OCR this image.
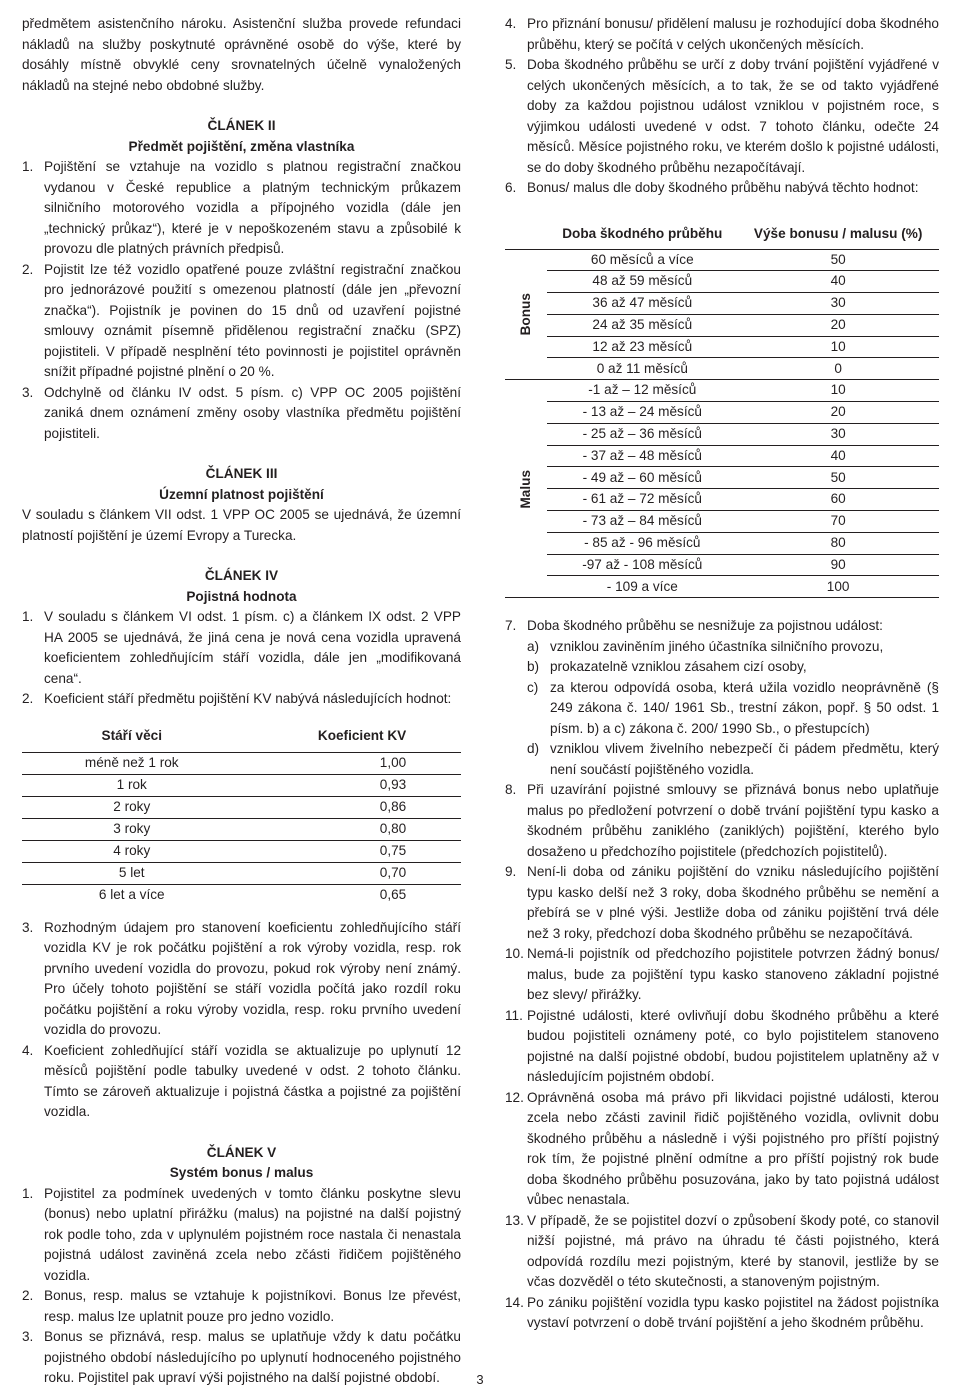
předmětem asistenčního nároku. Asistenční služba provede refundaci nákladů na služby poskytnuté oprávněné osobě do výše, které by dosáhly místně obvyklé ceny srovnatelných účelně vynaložených nákladů na stejné nebo obdobné služby.

ČLÁNEK II

Předmět pojištění, změna vlastníka

1. Pojištění se vztahuje na vozidlo s platnou registrační značkou vydanou v České republice a platným technickým průkazem silničního motorového vozidla a přípojného vozidla (dále jen „technický průkaz“), které je v nepoškozeném stavu a způsobilé k provozu dle platných právních předpisů.
2. Pojistit lze též vozidlo opatřené pouze zvláštní registrační značkou pro jednorázové použití s omezenou platností (dále jen „převozní značka“). Pojistník je povinen do 15 dnů od uzavření pojistné smlouvy oznámit písemně přidělenou registrační značku (SPZ) pojistiteli. V případě nesplnění této povinnosti je pojistitel oprávněn snížit případné pojistné plnění o 20 %.
3. Odchylně od článku IV odst. 5 písm. c) VPP OC 2005 pojištění zaniká dnem oznámení změny osoby vlastníka předmětu pojištění pojistiteli.

ČLÁNEK III

Územní platnost pojištění

V souladu s článkem VII odst. 1 VPP OC 2005 se ujednává, že územní platností pojištění je území Evropy a Turecka.

ČLÁNEK IV

Pojistná hodnota

1. V souladu s článkem VI odst. 1 písm. c) a článkem IX odst. 2 VPP HA 2005 se ujednává, že jiná cena je nová cena vozidla upravená koeficientem zohledňujícím stáří vozidla, dále jen „modifikovaná cena“.
2. Koeficient stáří předmětu pojištění KV nabývá následujících hodnot:
Stáří věci	Koeficient KV
méně než 1 rok	1,00
1 rok	0,93
2 roky	0,86
3 roky	0,80
4 roky	0,75
5 let	0,70
6 let a více	0,65
3. Rozhodným údajem pro stanovení koeficientu zohledňujícího stáří vozidla KV je rok počátku pojištění a rok výroby vozidla, resp. rok prvního uvedení vozidla do provozu, pokud rok výroby není známý. Pro účely tohoto pojištění se stáří vozidla počítá jako rozdíl roku počátku pojištění a roku výroby vozidla, resp. roku prvního uvedení vozidla do provozu.
4. Koeficient zohledňující stáří vozidla se aktualizuje po uplynutí 12 měsíců pojištění podle tabulky uvedené v odst. 2 tohoto článku. Tímto se zároveň aktualizuje i pojistná částka a pojistné za pojištění vozidla.

ČLÁNEK V

Systém bonus / malus

1. Pojistitel za podmínek uvedených v tomto článku poskytne slevu (bonus) nebo uplatní přirážku (malus) na pojistné na další pojistný rok podle toho, zda v uplynulém pojistném roce nastala či nenastala pojistná událost zaviněná zcela nebo zčásti řidičem pojištěného vozidla.
2. Bonus, resp. malus se vztahuje k pojistníkovi. Bonus lze převést, resp. malus lze uplatnit pouze pro jedno vozidlo.
3. Bonus se přiznává, resp. malus se uplatňuje vždy k datu počátku pojistného období následujícího po uplynutí hodnoceného pojistného roku. Pojistitel pak upraví výši pojistného na další pojistné období.
4. Pro přiznání bonusu/ přidělení malusu je rozhodující doba škodného průběhu, který se počítá v celých ukončených měsících.
5. Doba škodného průběhu se určí z doby trvání pojištění vyjádřené v celých ukončených měsících, a to tak, že se od takto vyjádřené doby za každou pojistnou událost vzniklou v pojistném roce, s výjimkou události uvedené v odst. 7 tohoto článku, odečte 24 měsíců. Měsíce pojistného roku, ve kterém došlo k pojistné události, se do doby škodného průběhu nezapočítávají.
6. Bonus/ malus dle doby škodného průběhu nabývá těchto hodnot:
	Doba škodného průběhu	Výše bonusu / malusu (%)
Bonus	60 měsíců a více	50
	48 až 59 měsíců	40
	36 až 47 měsíců	30
	24 až 35 měsíců	20
	12 až 23 měsíců	10
	0 až 11 měsíců	0
Malus	-1 až – 12 měsíců	10
	- 13 až – 24 měsíců	20
	- 25 až – 36 měsíců	30
	- 37 až – 48 měsíců	40
	- 49 až – 60 měsíců	50
	- 61 až – 72 měsíců	60
	- 73 až – 84 měsíců	70
	- 85 až - 96 měsíců	80
	-97 až - 108 měsíců	90
	- 109 a více	100
7. Doba škodného průběhu se nesnižuje za pojistnou událost:
a) vzniklou zaviněním jiného účastníka silničního provozu,
b) prokazatelně vzniklou zásahem cizí osoby,
c) za kterou odpovídá osoba, která užila vozidlo neoprávněně (§ 249 zákona č. 140/ 1961 Sb., trestní zákon, popř. § 50 odst. 1 písm. b) a c) zákona č. 200/ 1990 Sb., o přestupcích)
d) vzniklou vlivem živelního nebezpečí či pádem předmětu, který není součástí pojištěného vozidla.
8. Při uzavírání pojistné smlouvy se přiznává bonus nebo uplatňuje malus po předložení potvrzení o době trvání pojištění typu kasko a škodném průběhu zaniklého (zaniklých) pojištění, kterého bylo dosaženo u předchozího pojistitele (předchozích pojistitelů).
9. Není-li doba od zániku pojištění do vzniku následujícího pojištění typu kasko delší než 3 roky, doba škodného průběhu se nemění a přebírá se v plné výši. Jestliže doba od zániku pojištění trvá déle než 3 roky, předchozí doba škodného průběhu se nezapočítává.
10. Nemá-li pojistník od předchozího pojistitele potvrzen žádný bonus/ malus, bude za pojištění typu kasko stanoveno základní pojistné bez slevy/ přirážky.
11. Pojistné události, které ovlivňují dobu škodného průběhu a které budou pojistiteli oznámeny poté, co bylo pojistitelem stanoveno pojistné na další pojistné období, budou pojistitelem uplatněny až v následujícím pojistném období.
12. Oprávněná osoba má právo při likvidaci pojistné události, kterou zcela nebo zčásti zavinil řidič pojištěného vozidla, ovlivnit dobu škodného průběhu a následně i výši pojistného pro příští pojistný rok tím, že pojistné plnění odmítne a pro příští pojistný rok bude doba škodného průběhu posuzována, jako by tato pojistná událost vůbec nenastala.
13. V případě, že se pojistitel dozví o způsobení škody poté, co stanovil nižší pojistné, má právo na úhradu té části pojistného, která odpovídá rozdílu mezi pojistným, které by stanovil, jestliže by se včas dozvěděl o této skutečnosti, a stanoveným pojistným.
14. Po zániku pojištění vozidla typu kasko pojistitel na žádost pojistníka vystaví potvrzení o době trvání pojištění a jeho škodném průběhu.
3
